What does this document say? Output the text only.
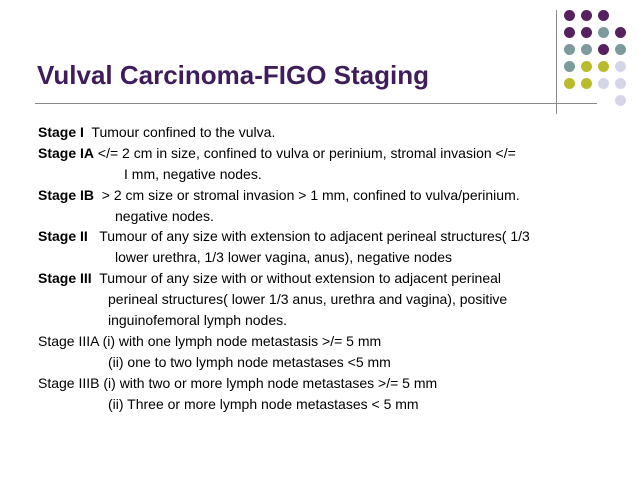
Vulval Carcinoma-FIGO Staging
Stage I  Tumour confined to the vulva.
Stage IA </= 2 cm in size, confined to vulva or perinium, stromal invasion </=
I mm, negative nodes.
Stage IB  > 2 cm size or stromal invasion > 1 mm, confined to vulva/perinium.
negative nodes.
Stage II   Tumour of any size with extension to adjacent perineal structures( 1/3
lower urethra, 1/3 lower vagina, anus), negative nodes
Stage III  Tumour of any size with or without extension to adjacent perineal
perineal structures( lower 1/3 anus, urethra and vagina), positive
inguinofemoral lymph nodes.
Stage IIIA (i) with one lymph node metastasis >/= 5 mm
(ii) one to two lymph node metastases <5 mm
Stage IIIB (i) with two or more lymph node metastases >/= 5 mm
(ii) Three or more lymph node metastases < 5 mm
